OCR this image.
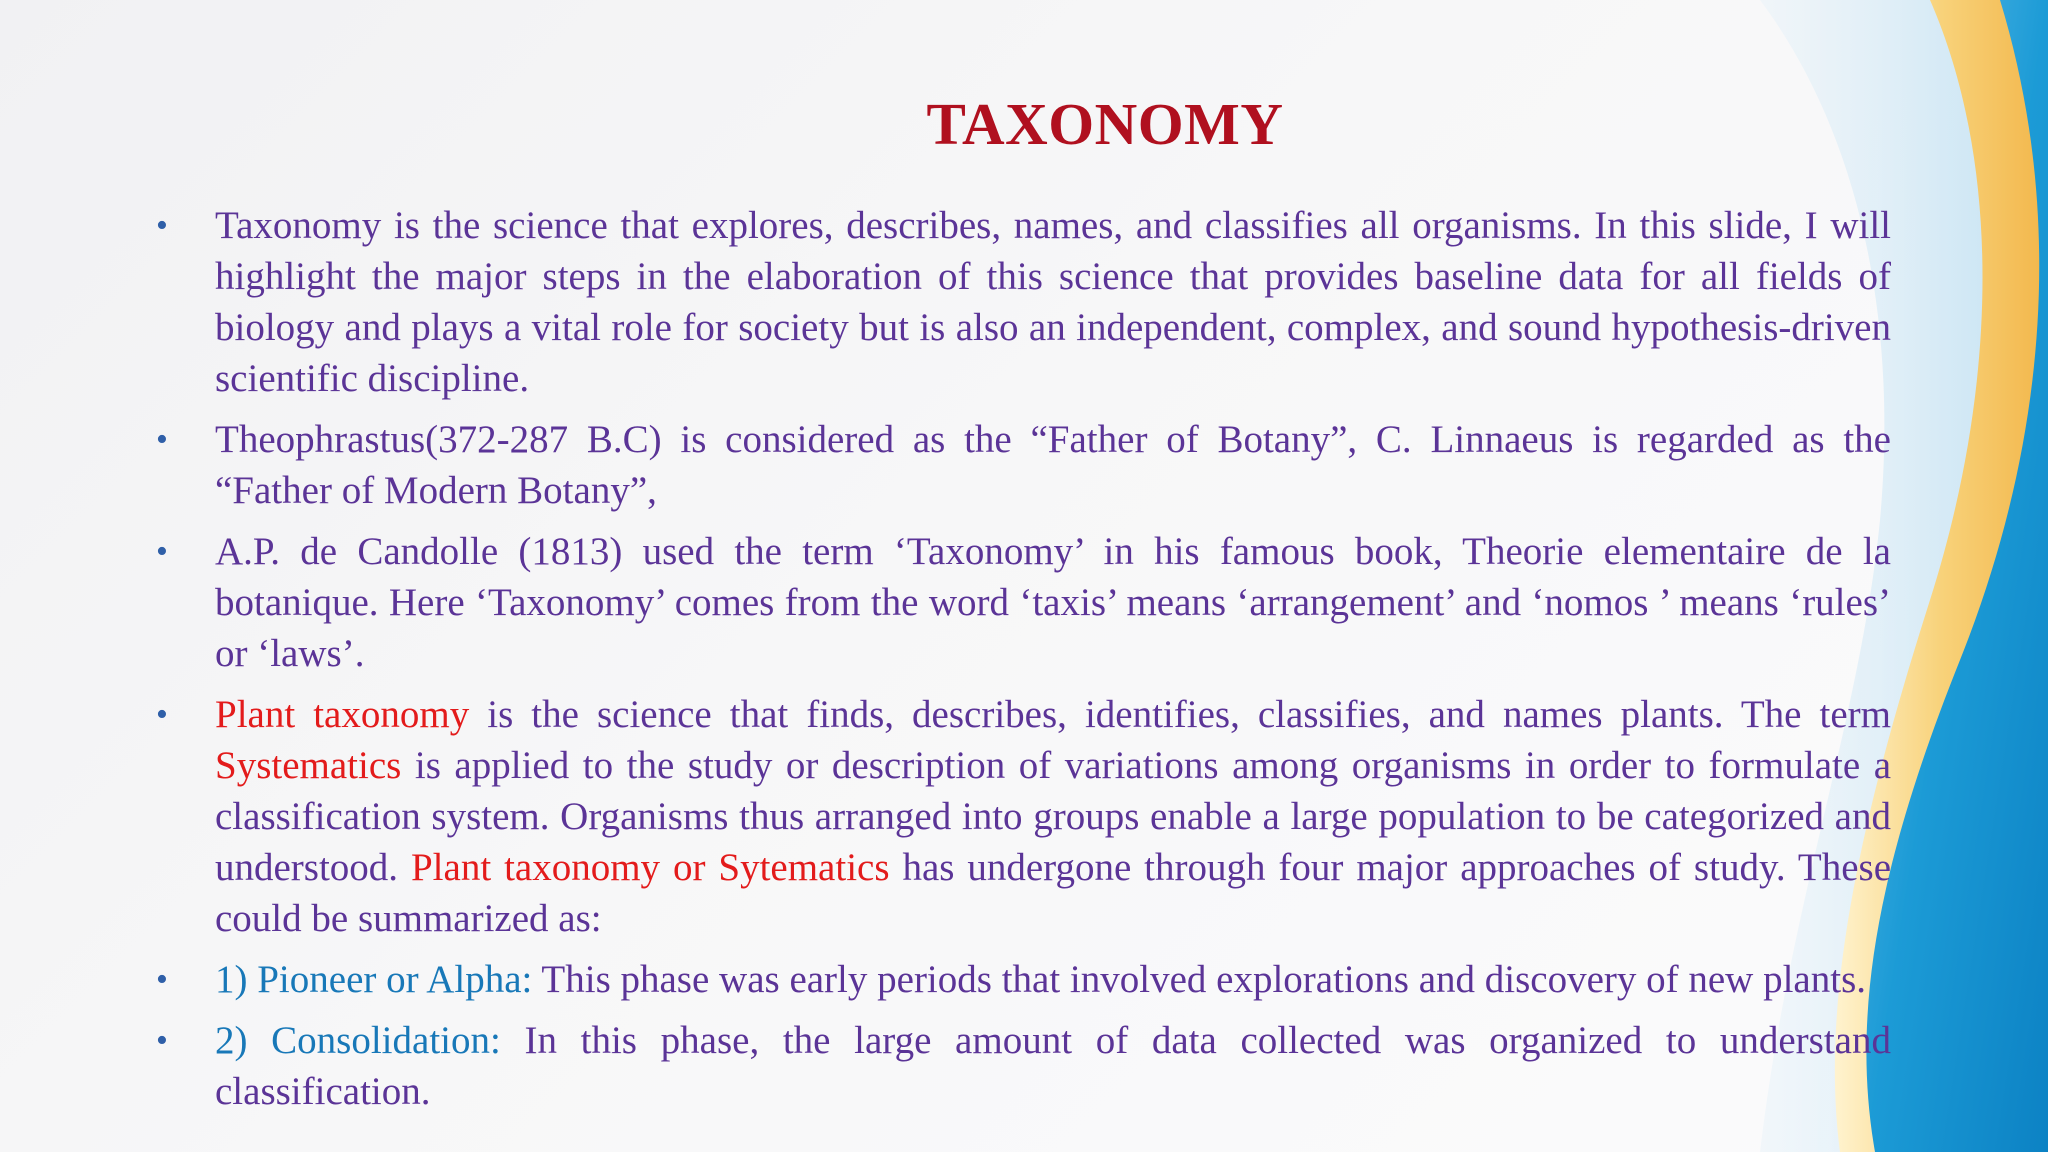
TAXONOMY
• Taxonomy is the science that explores, describes, names, and classifies all organisms. In this slide, I will highlight the major steps in the elaboration of this science that provides baseline data for all fields of biology and plays a vital role for society but is also an independent, complex, and sound hypothesis-driven scientific discipline.
• Theophrastus(372-287 B.C) is considered as the “Father of Botany”, C. Linnaeus is regarded as the “Father of Modern Botany”,
• A.P. de Candolle (1813) used the term ‘Taxonomy’ in his famous book, Theorie elementaire de la botanique. Here ‘Taxonomy’ comes from the word ‘taxis’ means ‘arrangement’ and ‘nomos ’ means ‘rules’ or ‘laws’.
• Plant taxonomy is the science that finds, describes, identifies, classifies, and names plants. The term Systematics is applied to the study or description of variations among organisms in order to formulate a classification system. Organisms thus arranged into groups enable a large population to be categorized and understood. Plant taxonomy or Sytematics has undergone through four major approaches of study. These could be summarized as:
• 1) Pioneer or Alpha: This phase was early periods that involved explorations and discovery of new plants.
• 2) Consolidation: In this phase, the large amount of data collected was organized to understand classification.
